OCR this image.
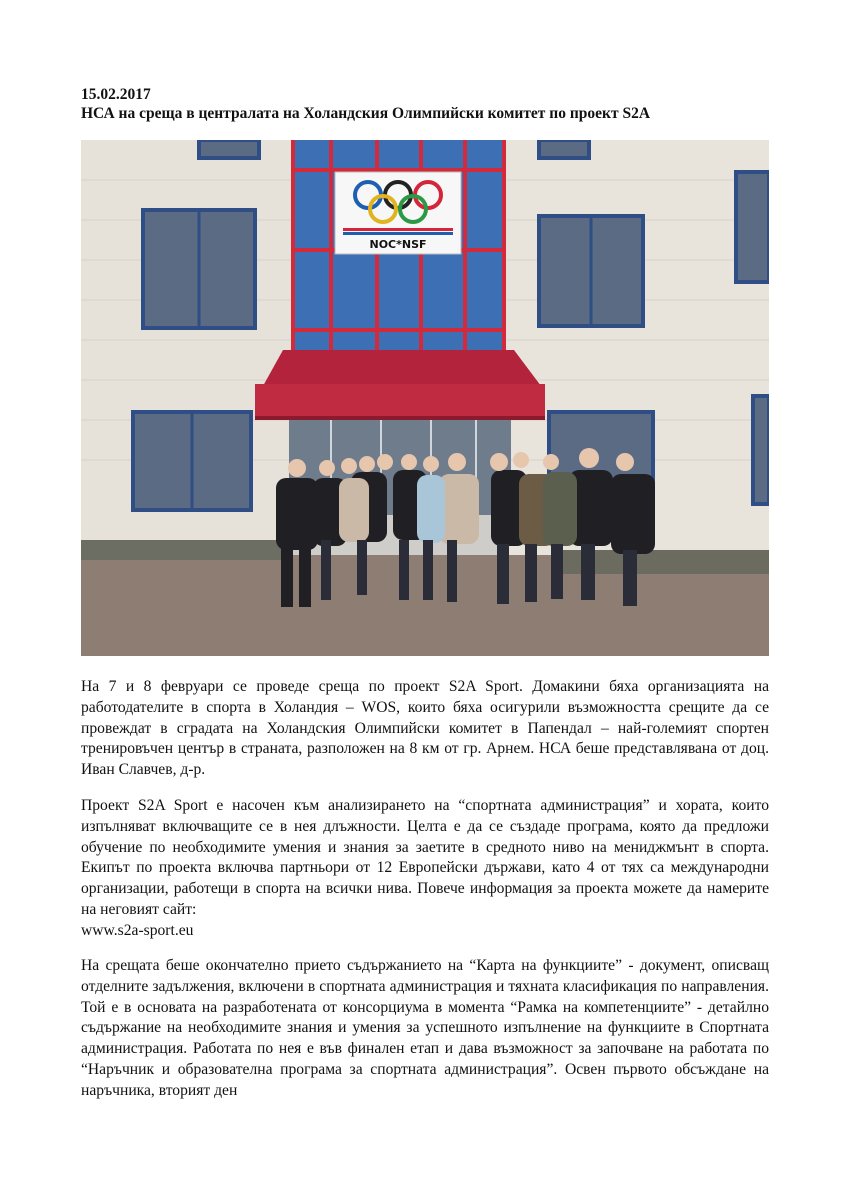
15.02.2017
НСА на среща в централата на Холандския Олимпийски комитет по проект S2A
NOC*NSF

На 7 и 8 февруари се проведе среща по проект S2A Sport. Домакини бяха организацията на работодателите в спорта в Холандия – WOS, които бяха осигурили възможността срещите да се провеждат в сградата на Холандския Олимпийски комитет в Папендал – най-големият спортен тренировъчен център в страната, разположен на 8 км от гр. Арнем. НСА беше представлявана от доц. Иван Славчев, д-р.

Проект S2A Sport е насочен към анализирането на “спортната администрация” и хората, които изпълняват включващите се в нея длъжности. Целта е да се създаде програма, която да предложи обучение по необходимите умения и знания за заетите в средното ниво на мениджмънт в спорта. Екипът по проекта включва партньори от 12 Европейски държави, като 4 от тях са международни организации, работещи в спорта на всички нива. Повече информация за проекта можете да намерите на неговият сайт:
www.s2a-sport.eu

На срещата беше окончателно прието съдържанието на “Карта на функциите” - документ, описващ отделните задължения, включени в спортната администрация и тяхната класификация по направления. Той е в основата на разработената от консорциума в момента “Рамка на компетенциите” - детайлно съдържание на необходимите знания и умения за успешното изпълнение на функциите в Спортната администрация. Работата по нея е във финален етап и дава възможност за започване на работата по “Наръчник и образователна програма за спортната администрация”. Освен първото обсъждане на наръчника, вторият ден
